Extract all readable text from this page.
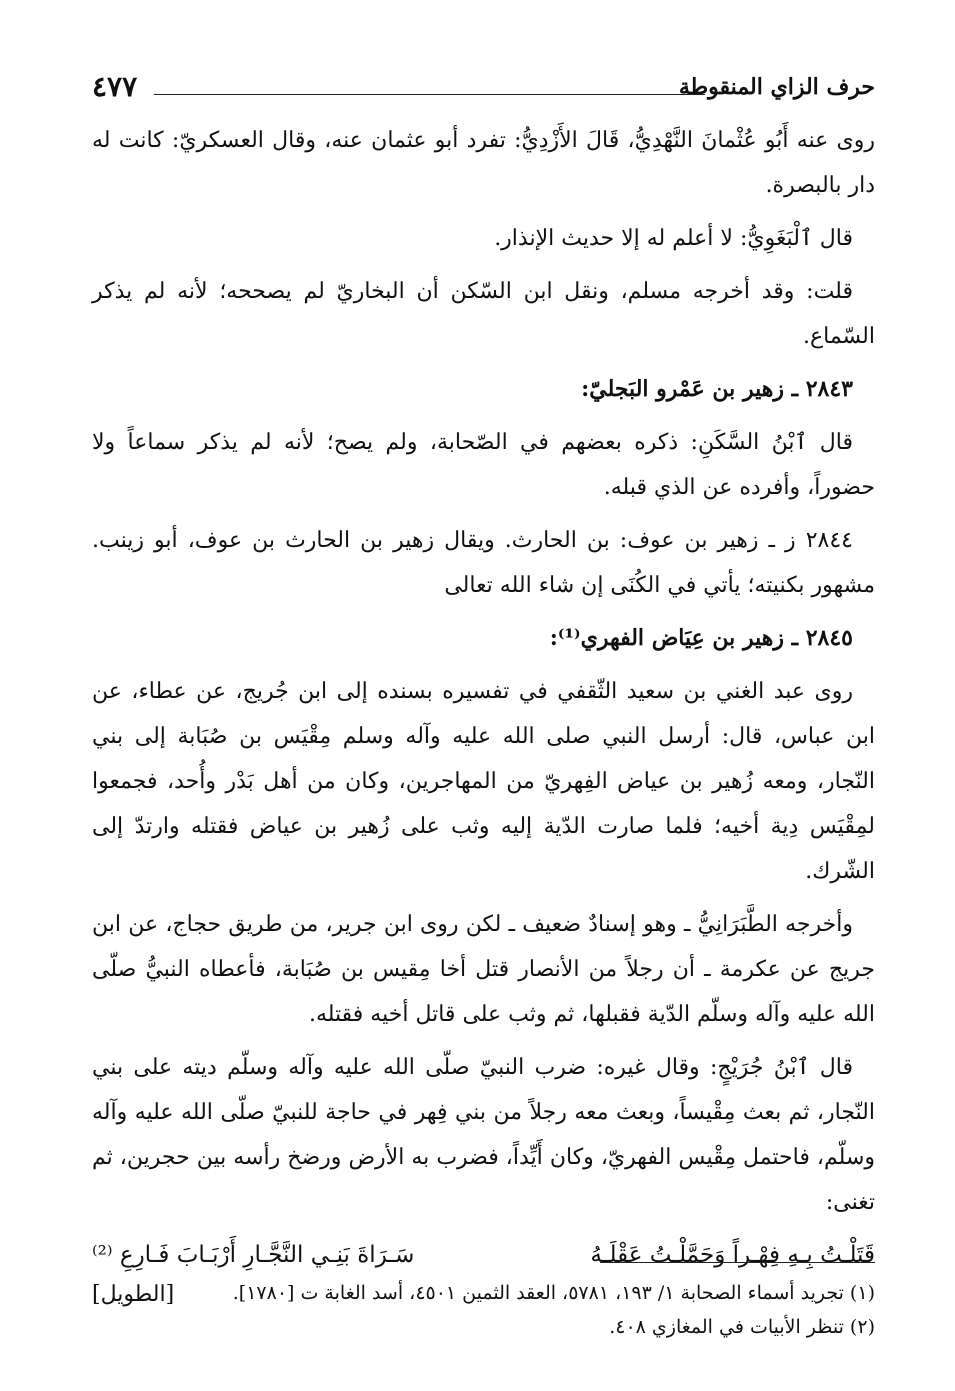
حرف الزاي المنقوطة
٤٧٧

روى عنه أَبُو عُثْمانَ النَّهْدِيُّ، قَالَ الأَزْدِيُّ: تفرد أبو عثمان عنه، وقال العسكريّ: كانت له دار بالبصرة.

قال ٱلْبَغَوِيُّ: لا أعلم له إلا حديث الإنذار.

قلت: وقد أخرجه مسلم، ونقل ابن السّكن أن البخاريّ لم يصححه؛ لأنه لم يذكر السّماع.

٢٨٤٣ ـ زهير بن عَمْرو البَجليّ:

قال ٱبْنُ السَّكَنِ: ذكره بعضهم في الصّحابة، ولم يصح؛ لأنه لم يذكر سماعاً ولا حضوراً، وأفرده عن الذي قبله.

٢٨٤٤ ز ـ زهير بن عوف: بن الحارث. ويقال زهير بن الحارث بن عوف، أبو زينب. مشهور بكنيته؛ يأتي في الكُنَى إن شاء الله تعالى

٢٨٤٥ ـ زهير بن عِيَاض الفهري⁽¹⁾:

روى عبد الغني بن سعيد الثّقفي في تفسيره بسنده إلى ابن جُريج، عن عطاء، عن ابن عباس، قال: أرسل النبي صلى الله عليه وآله وسلم مِقْيَس بن صُبَابة إلى بني النّجار، ومعه زُهير بن عياض الفِهريّ من المهاجرين، وكان من أهل بَدْر وأُحد، فجمعوا لمِقْيَس دِية أخيه؛ فلما صارت الدّية إليه وثب على زُهير بن عياض فقتله وارتدّ إلى الشّرك.

وأخرجه الطَّبَرَانِيُّ ـ وهو إسنادٌ ضعيف ـ لكن روى ابن جرير، من طريق حجاج، عن ابن جريج عن عكرمة ـ أن رجلاً من الأنصار قتل أخا مِقيس بن صُبَابة، فأعطاه النبيُّ صلّى الله عليه وآله وسلّم الدّية فقبلها، ثم وثب على قاتل أخيه فقتله.

قال ٱبْنُ جُرَيْجٍ: وقال غيره: ضرب النبيّ صلّى الله عليه وآله وسلّم ديته على بني النّجار، ثم بعث مِقْيساً، وبعث معه رجلاً من بني فِهر في حاجة للنبيّ صلّى الله عليه وآله وسلّم، فاحتمل مِقْيس الفهريّ، وكان أَيِّداً، فضرب به الأرض ورضخ رأسه بين حجرين، ثم تغنى:

قَتَلْـتُ بِـهِ فِهْـراً وَحَمَّلْـتُ عَقْلَـهُ
سَـرَاةَ بَنِـي النَّجَّـارِ أَرْبَـابَ فَـارِعِ ⁽²⁾
[الطويل]	(١) تجريد أسماء الصحابة ١/ ١٩٣، ٥٧٨١، العقد الثمين ٤٥٠١، أسد الغابة ت [١٧٨٠].

(٢) تنظر الأبيات في المغازي ٤٠٨.
